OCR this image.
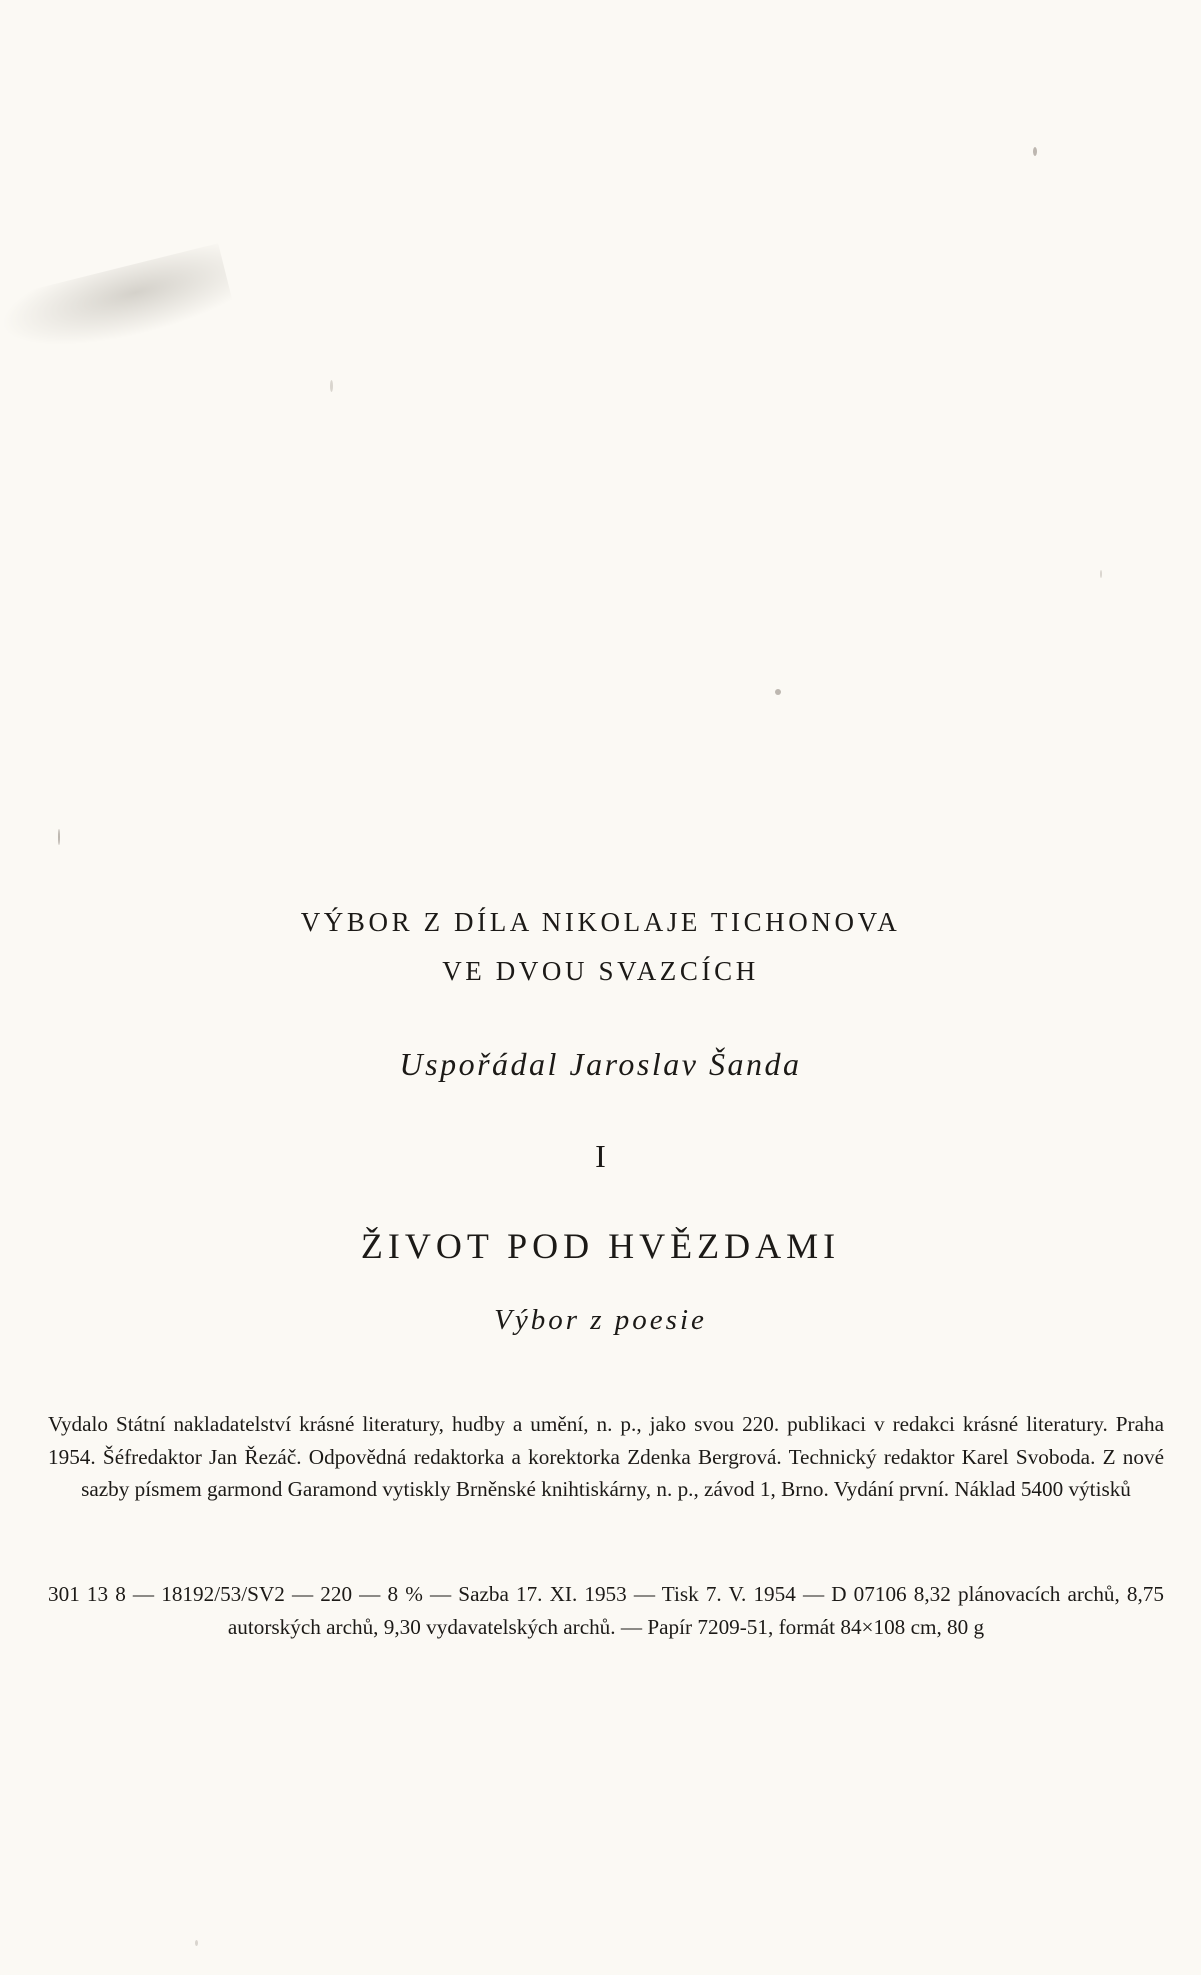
VÝBOR Z DÍLA NIKOLAJE TICHONOVA
VE DVOU SVAZCÍCH
Uspořádal Jaroslav Šanda
I
ŽIVOT POD HVĚZDAMI
Výbor z poesie
Vydalo Státní nakladatelství krásné literatury, hudby a umění, n. p., jako svou 220. publikaci v redakci krásné literatury. Praha 1954. Šéfredaktor Jan Řezáč. Odpovědná redaktorka a korektorka Zdenka Bergrová. Technický redaktor Karel Svoboda. Z nové sazby písmem garmond Garamond vytiskly Brněnské knihtiskárny, n. p., závod 1, Brno. Vydání první. Náklad 5400 výtisků
301 13 8 — 18192/53/SV2 — 220 — 8 % — Sazba 17. XI. 1953 — Tisk 7. V. 1954 — D 07106 8,32 plánovacích archů, 8,75 autorských archů, 9,30 vydavatelských archů. — Papír 7209-51, formát 84×108 cm, 80 g
